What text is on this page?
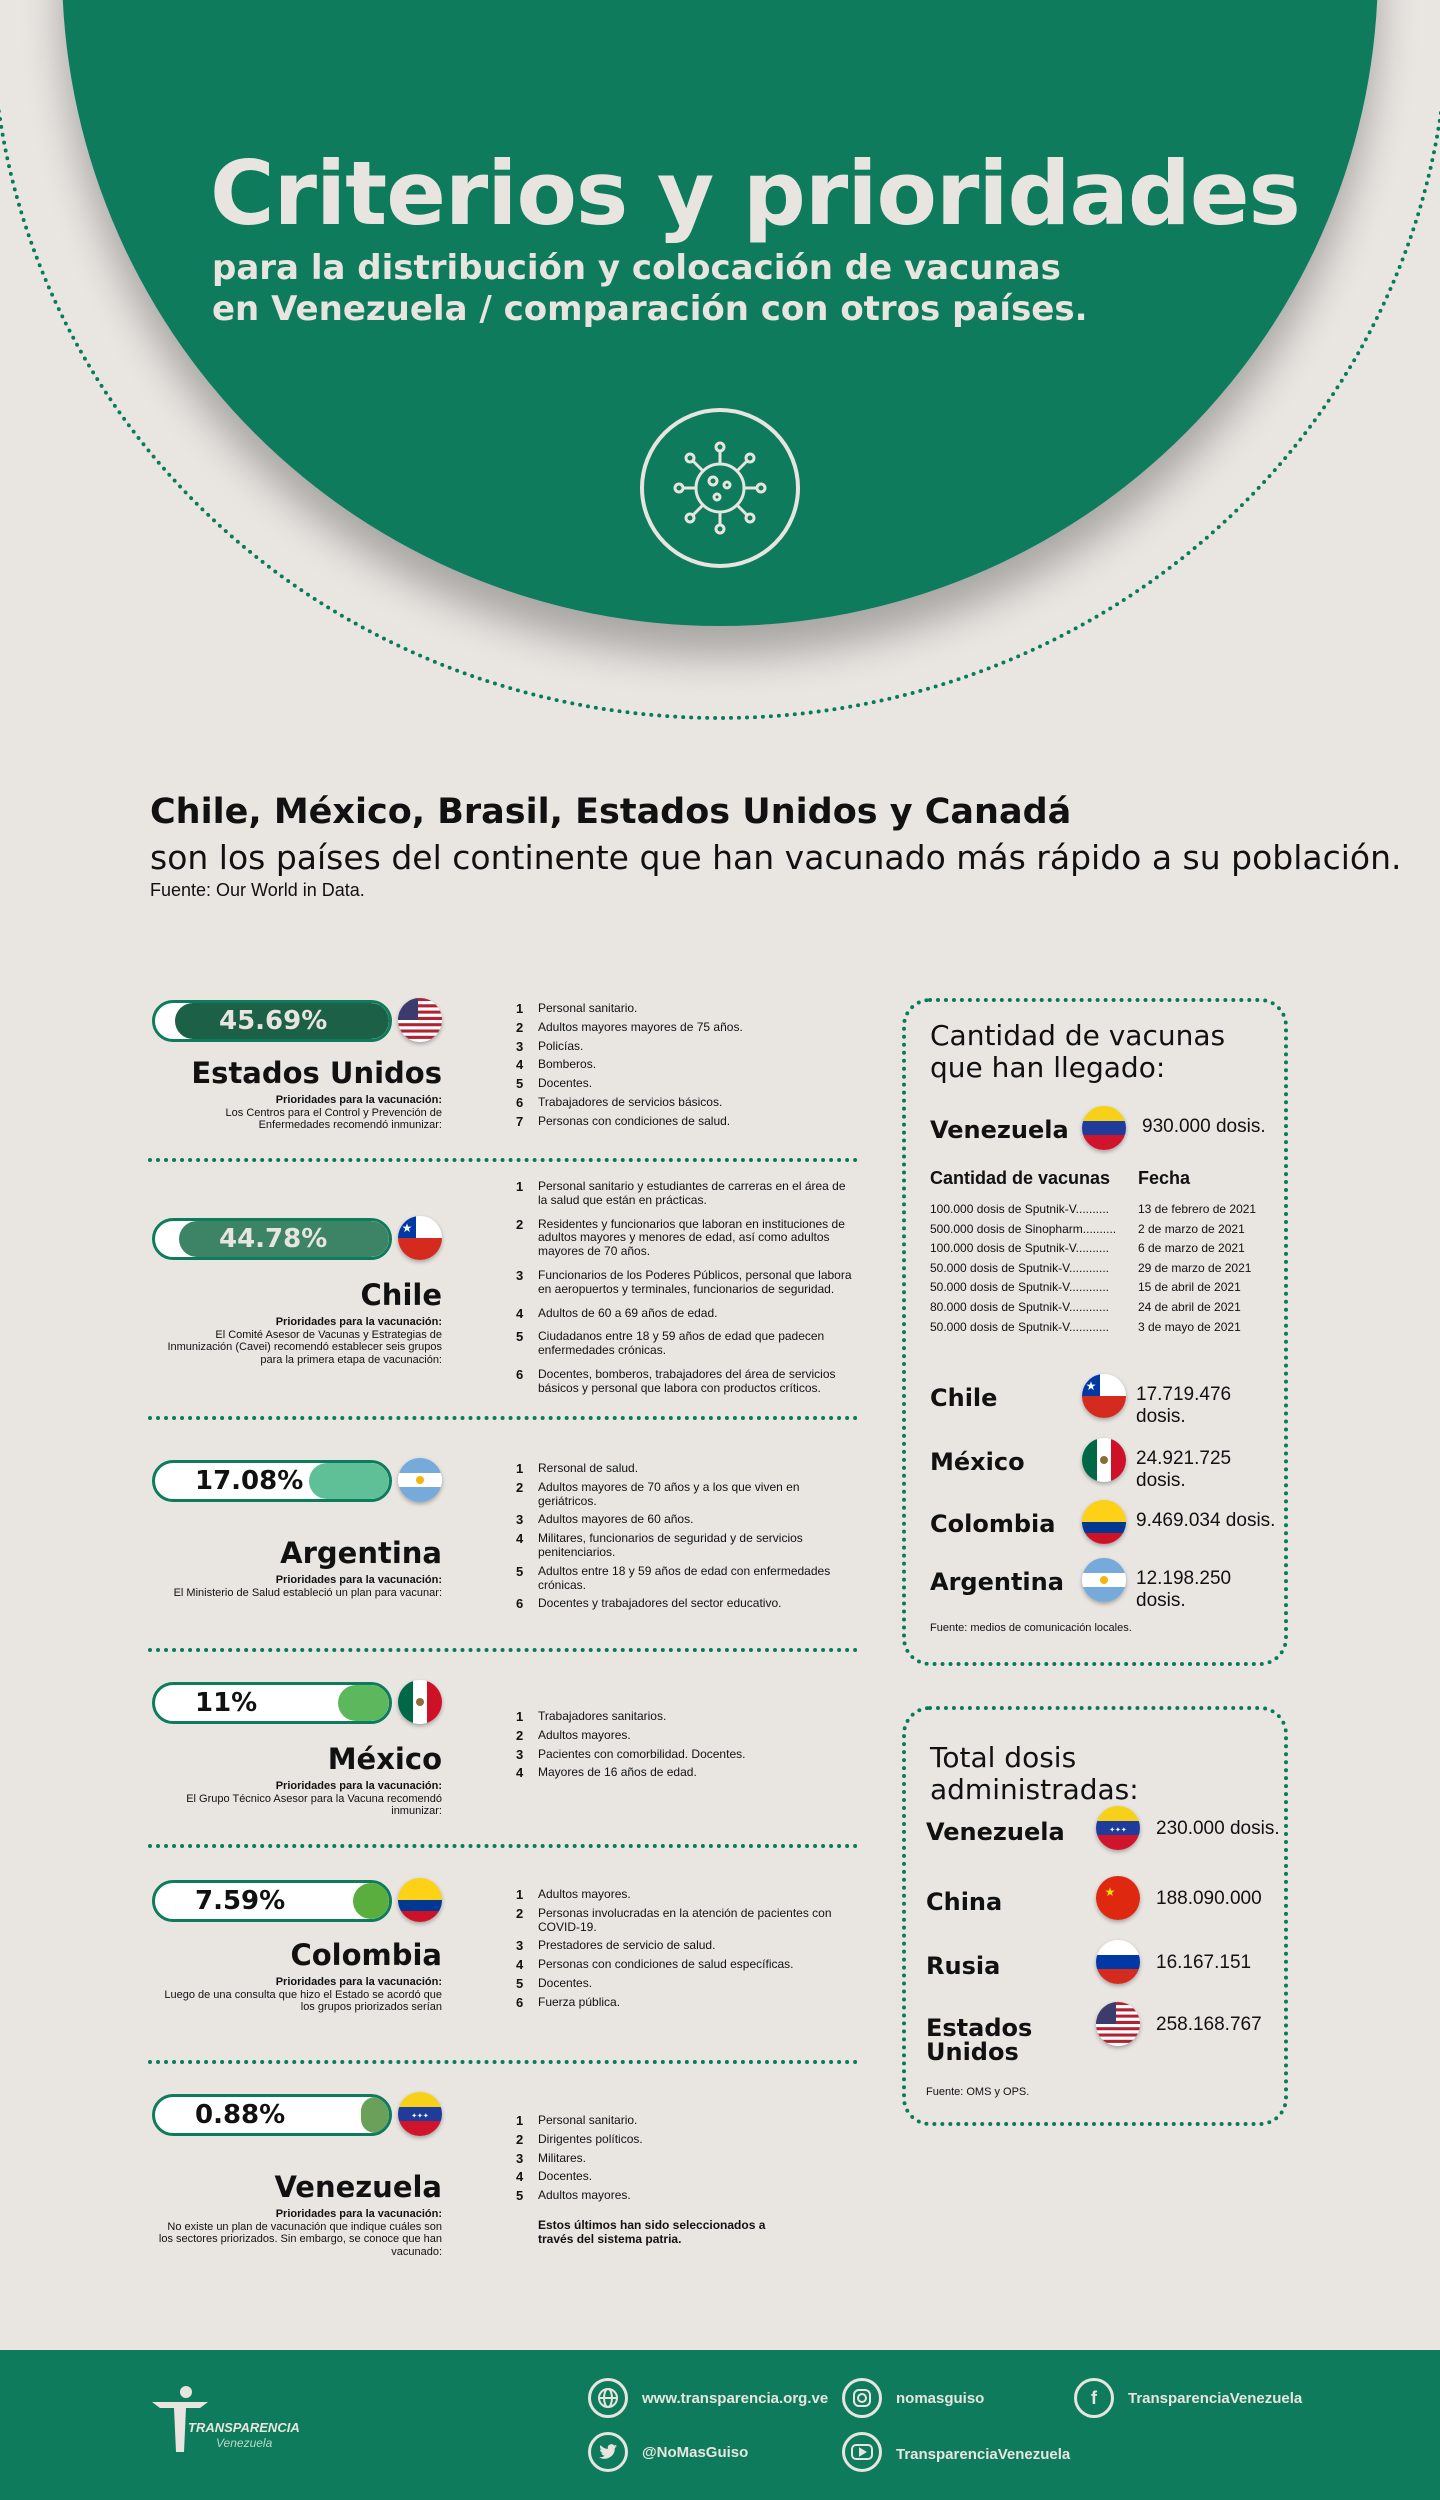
Criterios y prioridades
para la distribución y colocación de vacunas en Venezuela / comparación con otros países.
Chile, México, Brasil, Estados Unidos y Canadá
son los países del continente que han vacunado más rápido a su población.
Fuente: Our World in Data.
45.69%
Estados Unidos
Prioridades para la vacunación:
Los Centros para el Control y Prevención de Enfermedades recomendó inmunizar:
1 Personal sanitario.
2 Adultos mayores mayores de 75 años.
3 Policías.
4 Bomberos.
5 Docentes.
6 Trabajadores de servicios básicos.
7 Personas con condiciones de salud.
44.78%	★
Chile
Prioridades para la vacunación:
El Comité Asesor de Vacunas y Estrategias de Inmunización (Cavei) recomendó establecer seis grupos para la primera etapa de vacunación:
1 Personal sanitario y estudiantes de carreras en el área de la salud que están en prácticas.
2 Residentes y funcionarios que laboran en instituciones de adultos mayores y menores de edad, así como adultos mayores de 70 años.
3 Funcionarios de los Poderes Públicos, personal que labora en aeropuertos y terminales, funcionarios de seguridad.
4 Adultos de 60 a 69 años de edad.
5 Ciudadanos entre 18 y 59 años de edad que padecen enfermedades crónicas.
6 Docentes, bomberos, trabajadores del área de servicios básicos y personal que labora con productos críticos.
17.08%
Argentina
Prioridades para la vacunación:
El Ministerio de Salud estableció un plan para vacunar:
1 Rersonal de salud.
2 Adultos mayores de 70 años y a los que viven en geriátricos.
3 Adultos mayores de 60 años.
4 Militares, funcionarios de seguridad y de servicios penitenciarios.
5 Adultos entre 18 y 59 años de edad con enfermedades crónicas.
6 Docentes y trabajadores del sector educativo.
11%
México
Prioridades para la vacunación:
El Grupo Técnico Asesor para la Vacuna recomendó inmunizar:
1 Trabajadores sanitarios.
2 Adultos mayores.
3 Pacientes con comorbilidad. Docentes.
4 Mayores de 16 años de edad.
7.59%
Colombia
Prioridades para la vacunación:
Luego de una consulta que hizo el Estado se acordó que los grupos priorizados serían
1 Adultos mayores.
2 Personas involucradas en la atención de pacientes con COVID-19.
3 Prestadores de servicio de salud.
4 Personas con condiciones de salud específicas.
5 Docentes.
6 Fuerza pública.
0.88%	✦✦✦
Venezuela
Prioridades para la vacunación:
No existe un plan de vacunación que indique cuáles son los sectores priorizados. Sin embargo, se conoce que han vacunado:
1 Personal sanitario.
2 Dirigentes políticos.
3 Militares.
4 Docentes.
5 Adultos mayores.
Estos últimos han sido seleccionados a través del sistema patria.
Cantidad de vacunas que han llegado:
Venezuela	930.000 dosis.
Cantidad de vacunas Fecha
100.000 dosis de Sputnik-V..........	13 de febrero de 2021
500.000 dosis de Sinopharm..........	2 de marzo de 2021
100.000 dosis de Sputnik-V..........	6 de marzo de 2021
50.000 dosis de Sputnik-V............	29 de marzo de 2021
50.000 dosis de Sputnik-V............	15 de abril de 2021
80.000 dosis de Sputnik-V............	24 de abril de 2021
50.000 dosis de Sputnik-V............	3 de mayo de 2021
Chile	★ 17.719.476 dosis.
México	24.921.725 dosis.
Colombia	9.469.034 dosis.
Argentina	12.198.250 dosis.
Fuente: medios de comunicación locales.
Total dosis administradas:
Venezuela	✦✦✦ 230.000 dosis.
China	★ 188.090.000
Rusia	16.167.151
Estados Unidos
258.168.767
Fuente: OMS y OPS.
TRANSPARENCIA
Venezuela
www.transparencia.org.ve	nomasguiso	f	TransparenciaVenezuela
@NoMasGuiso	TransparenciaVenezuela
